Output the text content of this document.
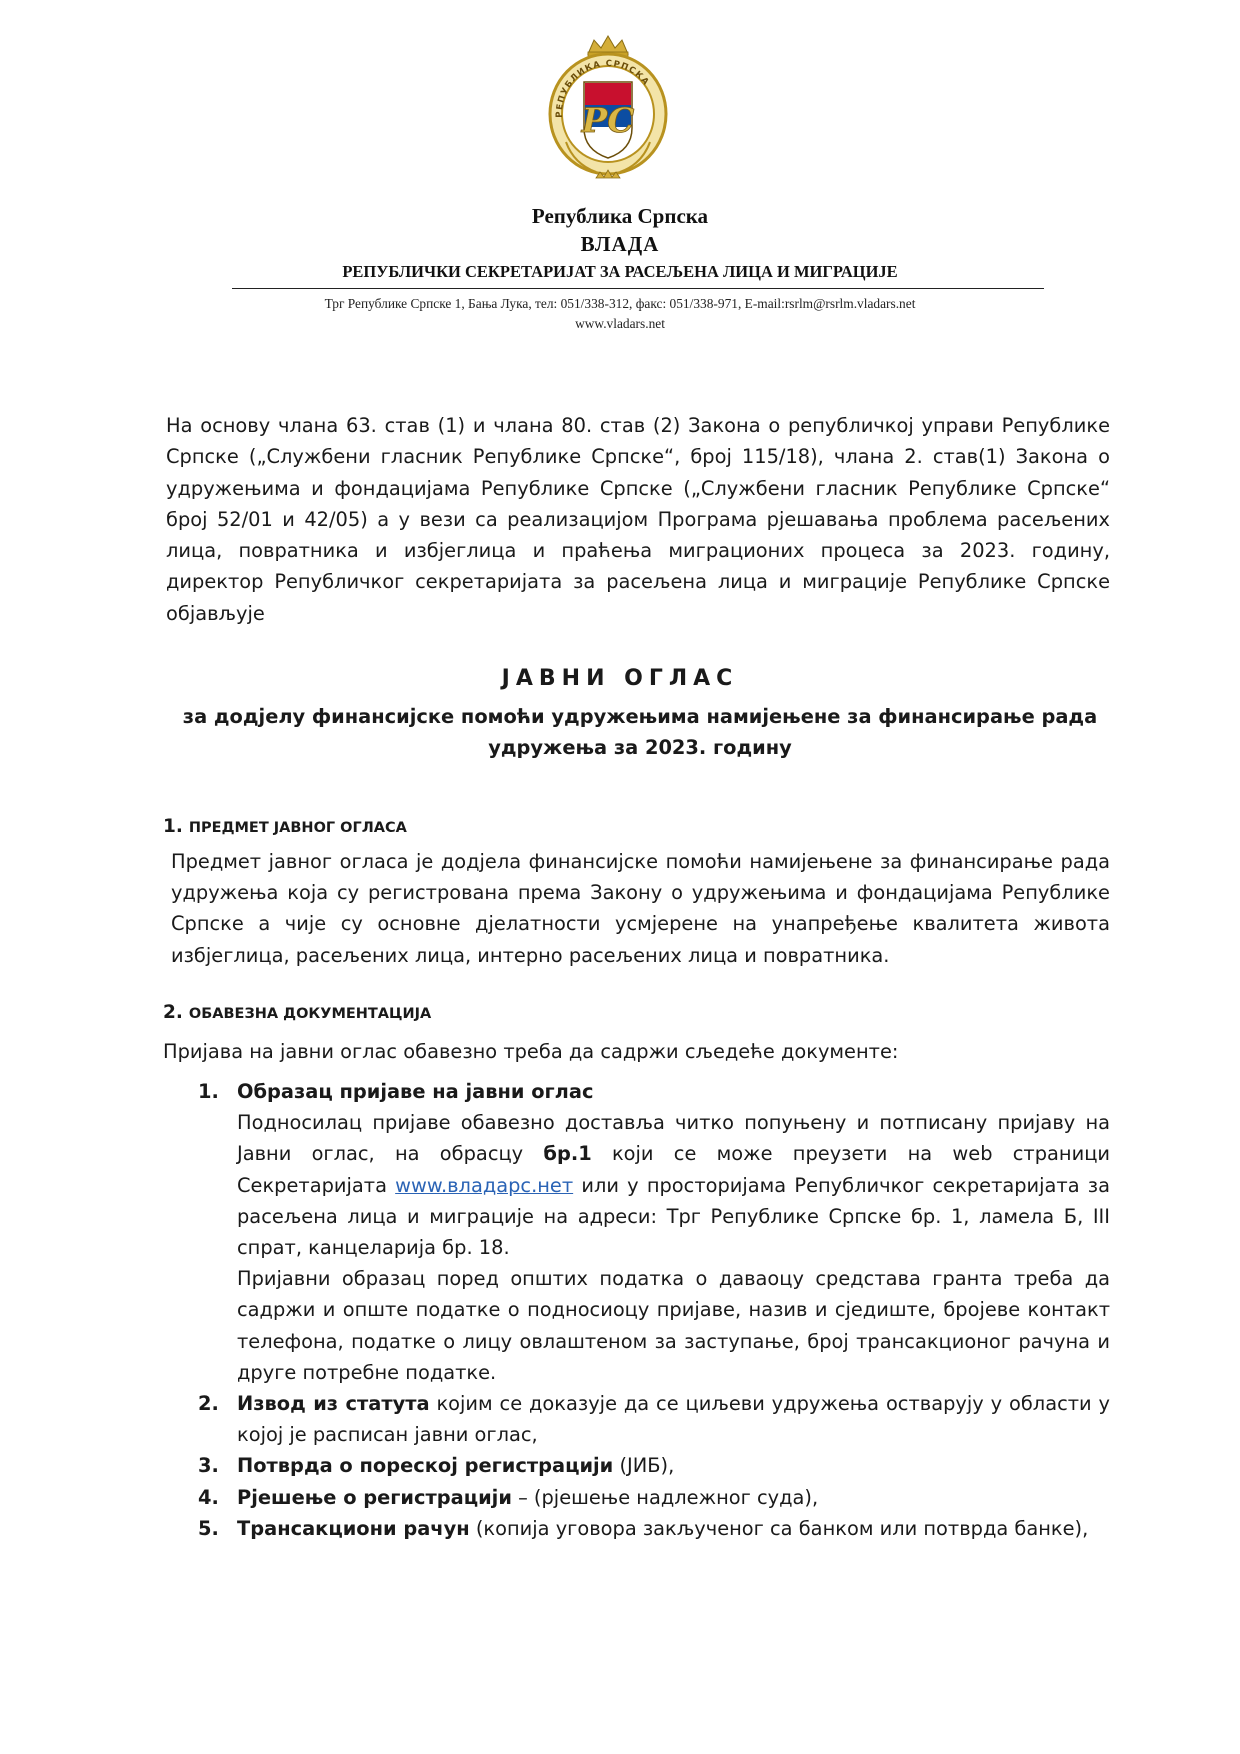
РЕПУБЛИКА СРПСКА
РС
Република Српска
ВЛАДА
РЕПУБЛИЧКИ СЕКРЕТАРИЈАТ ЗА РАСЕЉЕНА ЛИЦА И МИГРАЦИЈЕ
Трг Републике Српске 1, Бања Лука, тел: 051/338-312, факс: 051/338-971, E-mail:rsrlm@rsrlm.vladars.net
www.vladars.net
На основу члана 63. став (1) и члана 80. став (2) Закона о републичкој управи Републике Српске („Службени гласник Републике Српске“, број 115/18), члана 2. став(1) Закона о удружењима и фондацијама Републике Српске („Службени гласник Републике Српске“ број 52/01 и 42/05) а у вези са реализацијом Програма рјешавања проблема расељених лица, повратника и избјеглица и праћења миграционих процеса за 2023. годину, директор Републичког секретаријата за расељена лица и миграције Републике Српске објављује
ЈАВНИ ОГЛАС
за додјелу финансијске помоћи удружењима намијењене за финансирање рада удружења за 2023. годину
1. ПРЕДМЕТ ЈАВНОГ ОГЛАСА
Предмет јавног огласа је додјела финансијске помоћи намијењене за финансирање рада удружења која су регистрована према Закону о удружењима и фондацијама Републике Српске а чије су основне дјелатности усмјерене на унапређење квалитета живота избјеглица, расељених лица, интерно расељених лица и повратника.
2. ОБАВЕЗНА ДОКУМЕНТАЦИЈА
Пријава на јавни оглас обавезно треба да садржи сљедеће документе:
1. Образац пријаве на јавни оглас
Подносилац пријаве обавезно доставља читко попуњену и потписану пријаву на Јавни оглас, на обрасцу бр.1 који се може преузети на web страници Секретаријата www.владарс.нет или у просторијама Републичког секретаријата за расељена лица и миграције на адреси: Трг Републике Српске бр. 1, ламела Б, III спрат, канцеларија бр. 18.
Пријавни образац поред општих податка о даваоцу средстава гранта треба да садржи и опште податке о подносиоцу пријаве, назив и сједиште, бројеве контакт телефона, податке о лицу овлаштеном за заступање, број трансакционог рачуна и друге потребне податке.
2. Извод из статута којим се доказује да се циљеви удружења остварују у области у којој је расписан јавни оглас,
3. Потврда о пореској регистрацији (ЈИБ),
4. Рјешење о регистрацији – (рјешење надлежног суда),
5. Трансакциони рачун (копија уговора закљученог са банком или потврда банке),
